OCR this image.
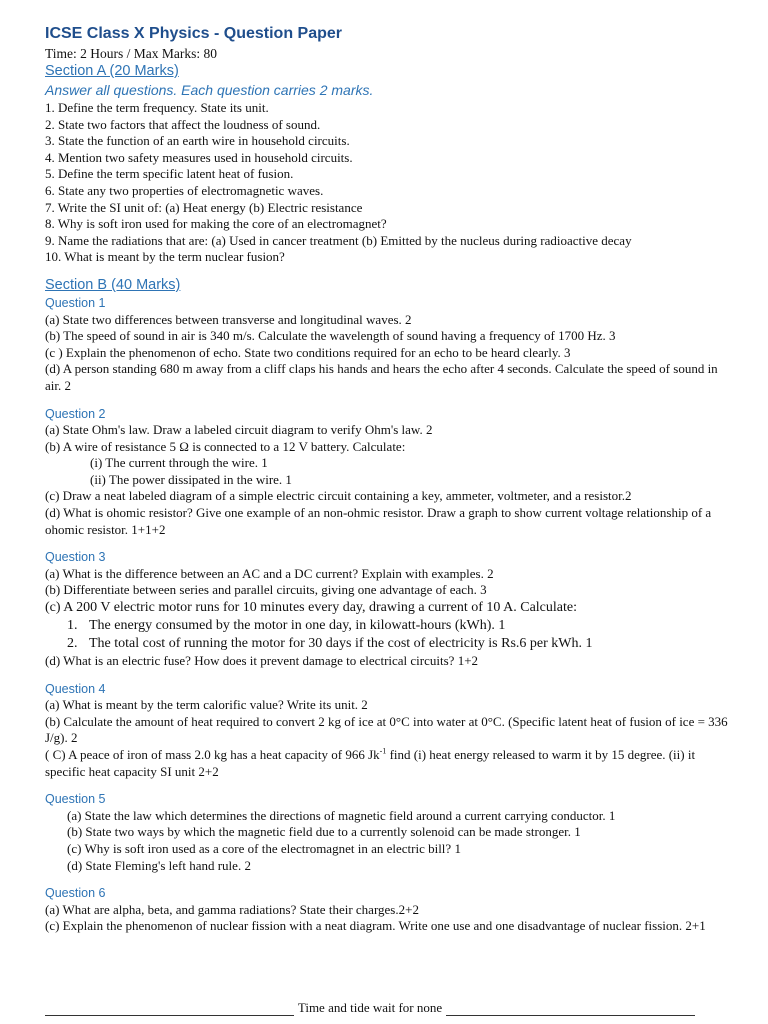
ICSE Class X Physics - Question Paper
Time: 2 Hours / Max Marks: 80
Section A (20 Marks)
Answer all questions. Each question carries 2 marks.
1. Define the term frequency. State its unit.
2. State two factors that affect the loudness of sound.
3. State the function of an earth wire in household circuits.
4. Mention two safety measures used in household circuits.
5. Define the term specific latent heat of fusion.
6. State any two properties of electromagnetic waves.
7. Write the SI unit of: (a) Heat energy (b) Electric resistance
8. Why is soft iron used for making the core of an electromagnet?
9. Name the radiations that are: (a) Used in cancer treatment (b) Emitted by the nucleus during radioactive decay
10. What is meant by the term nuclear fusion?
Section B (40 Marks)
Question 1
(a) State two differences between transverse and longitudinal waves. 2
(b) The speed of sound in air is 340 m/s. Calculate the wavelength of sound having a frequency of 1700 Hz. 3
(c ) Explain the phenomenon of echo. State two conditions required for an echo to be heard clearly. 3
(d) A person standing 680 m away from a cliff claps his hands and hears the echo after 4 seconds. Calculate the speed of sound in air. 2
Question 2
(a) State Ohm's law. Draw a labeled circuit diagram to verify Ohm's law. 2
(b) A wire of resistance 5 Ω is connected to a 12 V battery. Calculate:
(i) The current through the wire. 1
(ii) The power dissipated in the wire. 1
(c) Draw a neat labeled diagram of a simple electric circuit containing a key, ammeter, voltmeter, and a resistor.2
(d) What is ohomic resistor? Give one example of an non-ohmic resistor. Draw a graph to show current voltage relationship of a ohomic resistor. 1+1+2
Question 3
(a) What is the difference between an AC and a DC current? Explain with examples. 2
(b) Differentiate between series and parallel circuits, giving one advantage of each. 3
(c) A 200 V electric motor runs for 10 minutes every day, drawing a current of 10 A. Calculate:
1. The energy consumed by the motor in one day, in kilowatt-hours (kWh). 1
2. The total cost of running the motor for 30 days if the cost of electricity is Rs.6 per kWh. 1
(d) What is an electric fuse? How does it prevent damage to electrical circuits? 1+2
Question 4
(a) What is meant by the term calorific value? Write its unit. 2
(b) Calculate the amount of heat required to convert 2 kg of ice at 0°C into water at 0°C. (Specific latent heat of fusion of ice = 336 J/g). 2
( C) A peace of iron of mass 2.0 kg has a heat capacity of 966 $Jk^{-1}$ find (i) heat energy released to warm it by 15 degree. (ii) it specific heat capacity SI unit 2+2
Question 5
(a) State the law which determines the directions of magnetic field around a current carrying conductor. 1
(b) State two ways by which the magnetic field due to a currently solenoid can be made stronger. 1
(c) Why is soft iron used as a core of the electromagnet in an electric bill? 1
(d) State Fleming's left hand rule. 2
Question 6
(a) What are alpha, beta, and gamma radiations? State their charges.2+2
(c) Explain the phenomenon of nuclear fission with a neat diagram. Write one use and one disadvantage of nuclear fission. 2+1
Time and tide wait for none
